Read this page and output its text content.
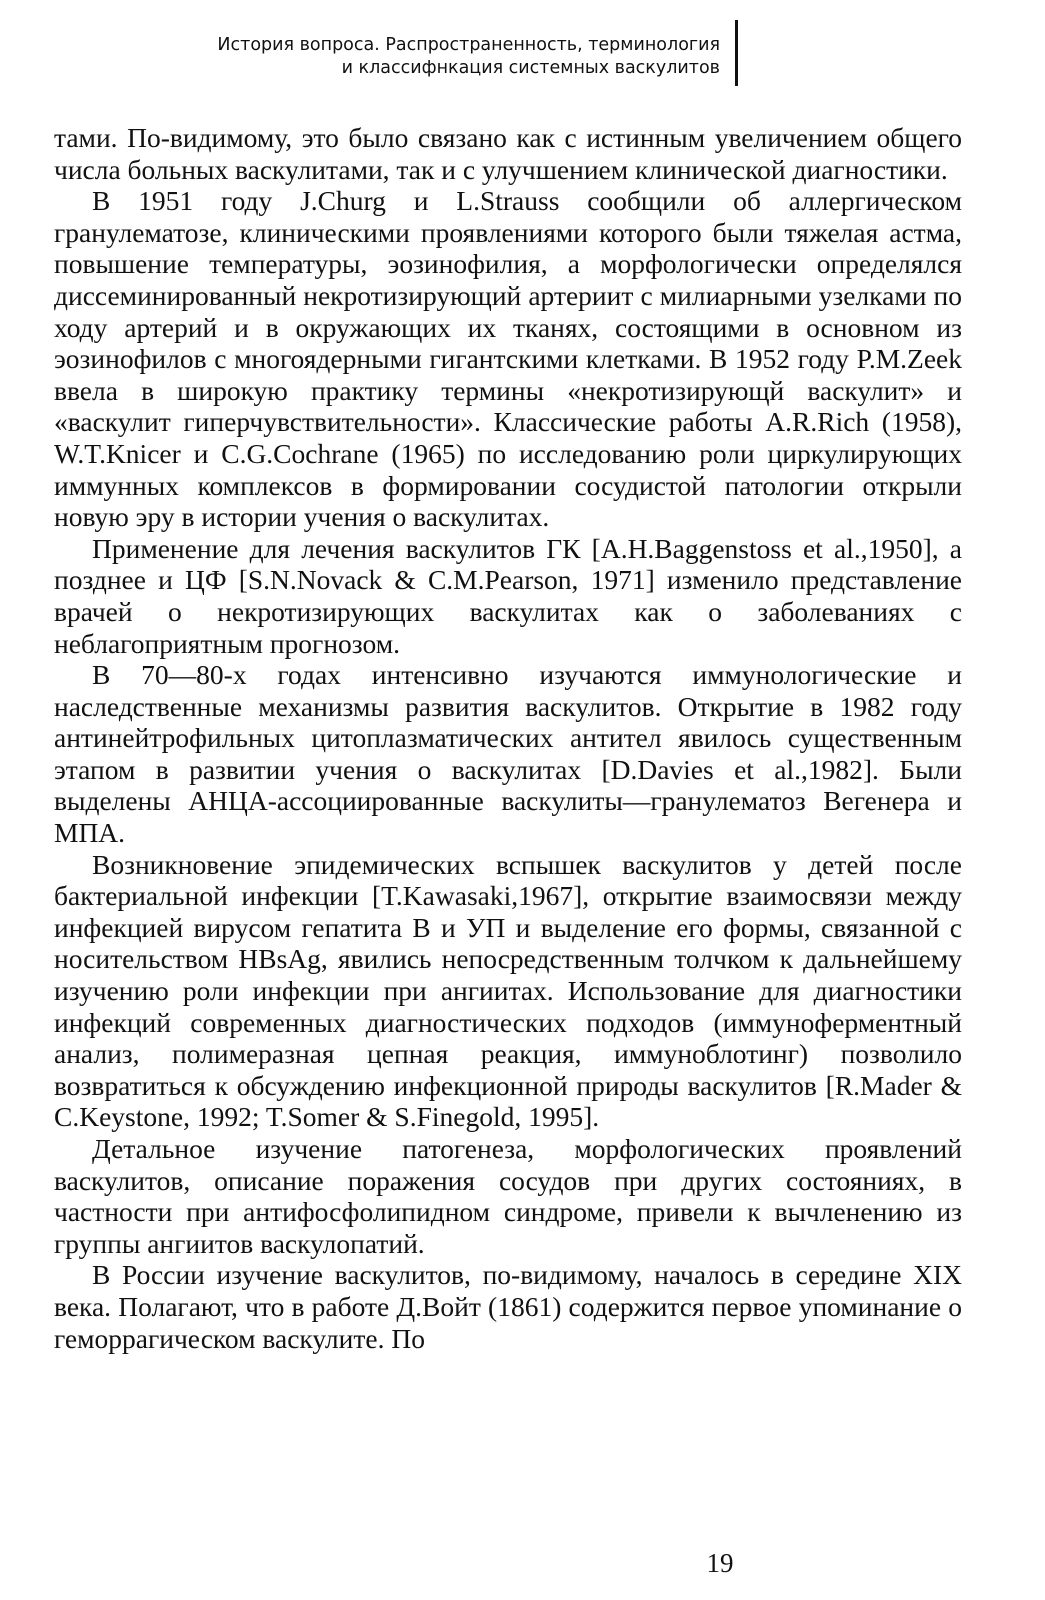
История вопроса. Распространенность, терминология
и классифнкация системных васкулитов

тами. По-видимому, это было связано как с истинным увеличением общего числа больных васкулитами, так и с улучшением клинической диагностики.

В 1951 году J.Churg и L.Strauss сообщили об аллергическом гранулематозе, клиническими проявлениями которого были тяжелая астма, повышение температуры, эозинофилия, а морфологически определялся диссеминированный некротизирующий артериит с милиарными узелками по ходу артерий и в окружающих их тканях, состоящими в основном из эозинофилов с многоядерными гигантскими клетками. В 1952 году P.M.Zeek ввела в широкую практику термины «некротизирующй васкулит» и «васкулит гиперчувствительности». Классические работы A.R.Rich (1958), W.T.Knicer и C.G.Cochrane (1965) по исследованию роли циркулирующих иммунных комплексов в формировании сосудистой патологии открыли новую эру в истории учения о васкулитах.

Применение для лечения васкулитов ГК [A.H.Baggenstoss et al.,1950], а позднее и ЦФ [S.N.Novack & C.M.Pearson, 1971] изменило представление врачей о некротизирующих васкулитах как о заболеваниях с неблагоприятным прогнозом.

В 70—80-х годах интенсивно изучаются иммунологические и наследственные механизмы развития васкулитов. Открытие в 1982 году антинейтрофильных цитоплазматических антител явилось существенным этапом в развитии учения о васкулитах [D.Davies et al.,1982]. Были выделены АНЦА-ассоциированные васкулиты—гранулематоз Вегенера и МПА.

Возникновение эпидемических вспышек васкулитов у детей после бактериальной инфекции [T.Kawasaki,1967], открытие взаимосвязи между инфекцией вирусом гепатита В и УП и выделение его формы, связанной с носительством HBsAg, явились непосредственным толчком к дальнейшему изучению роли инфекции при ангиитах. Использование для диагностики инфекций современных диагностических подходов (иммуноферментный анализ, полимеразная цепная реакция, иммуноблотинг) позволило возвратиться к обсуждению инфекционной природы васкулитов [R.Mader & C.Keystone, 1992; T.Somer & S.Finegold, 1995].

Детальное изучение патогенеза, морфологических проявлений васкулитов, описание поражения сосудов при других состояниях, в частности при антифосфолипидном синдроме, привели к вычленению из группы ангиитов васкулопатий.

В России изучение васкулитов, по-видимому, началось в середине XIX века. Полагают, что в работе Д.Войт (1861) содержится первое упоминание о геморрагическом васкулите. По

19
